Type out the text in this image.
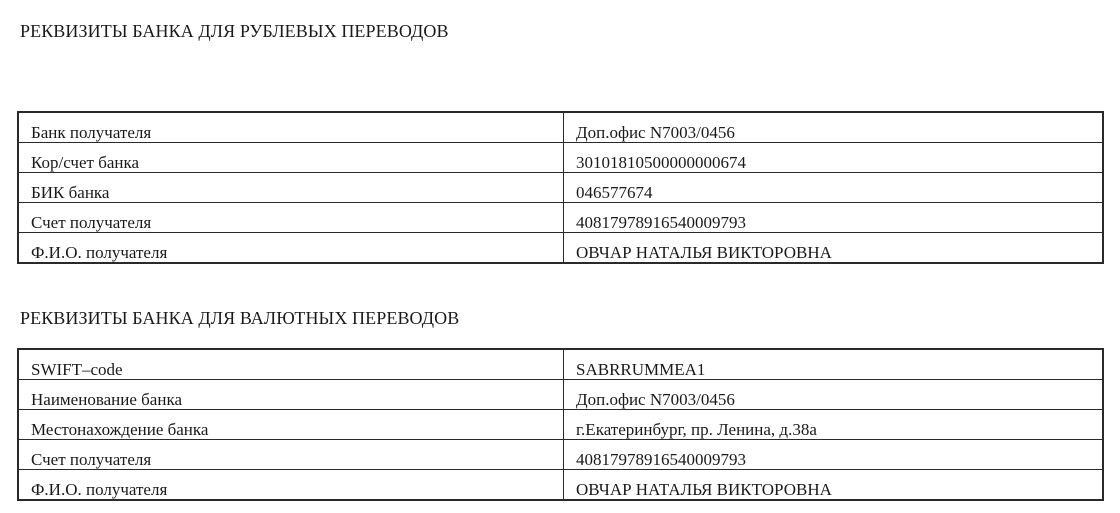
РЕКВИЗИТЫ БАНКА ДЛЯ РУБЛЕВЫХ ПЕРЕВОДОВ
Банк получателя	Доп.офис N7003/0456
Кор/счет банка	30101810500000000674
БИК банка	046577674
Счет получателя	40817978916540009793
Ф.И.О. получателя	ОВЧАР НАТАЛЬЯ ВИКТОРОВНА
РЕКВИЗИТЫ БАНКА ДЛЯ ВАЛЮТНЫХ ПЕРЕВОДОВ
SWIFT–code	SABRRUMMEA1
Наименование банка	Доп.офис N7003/0456
Местонахождение банка	г.Екатеринбург, пр. Ленина, д.38а
Счет получателя	40817978916540009793
Ф.И.О. получателя	ОВЧАР НАТАЛЬЯ ВИКТОРОВНА
